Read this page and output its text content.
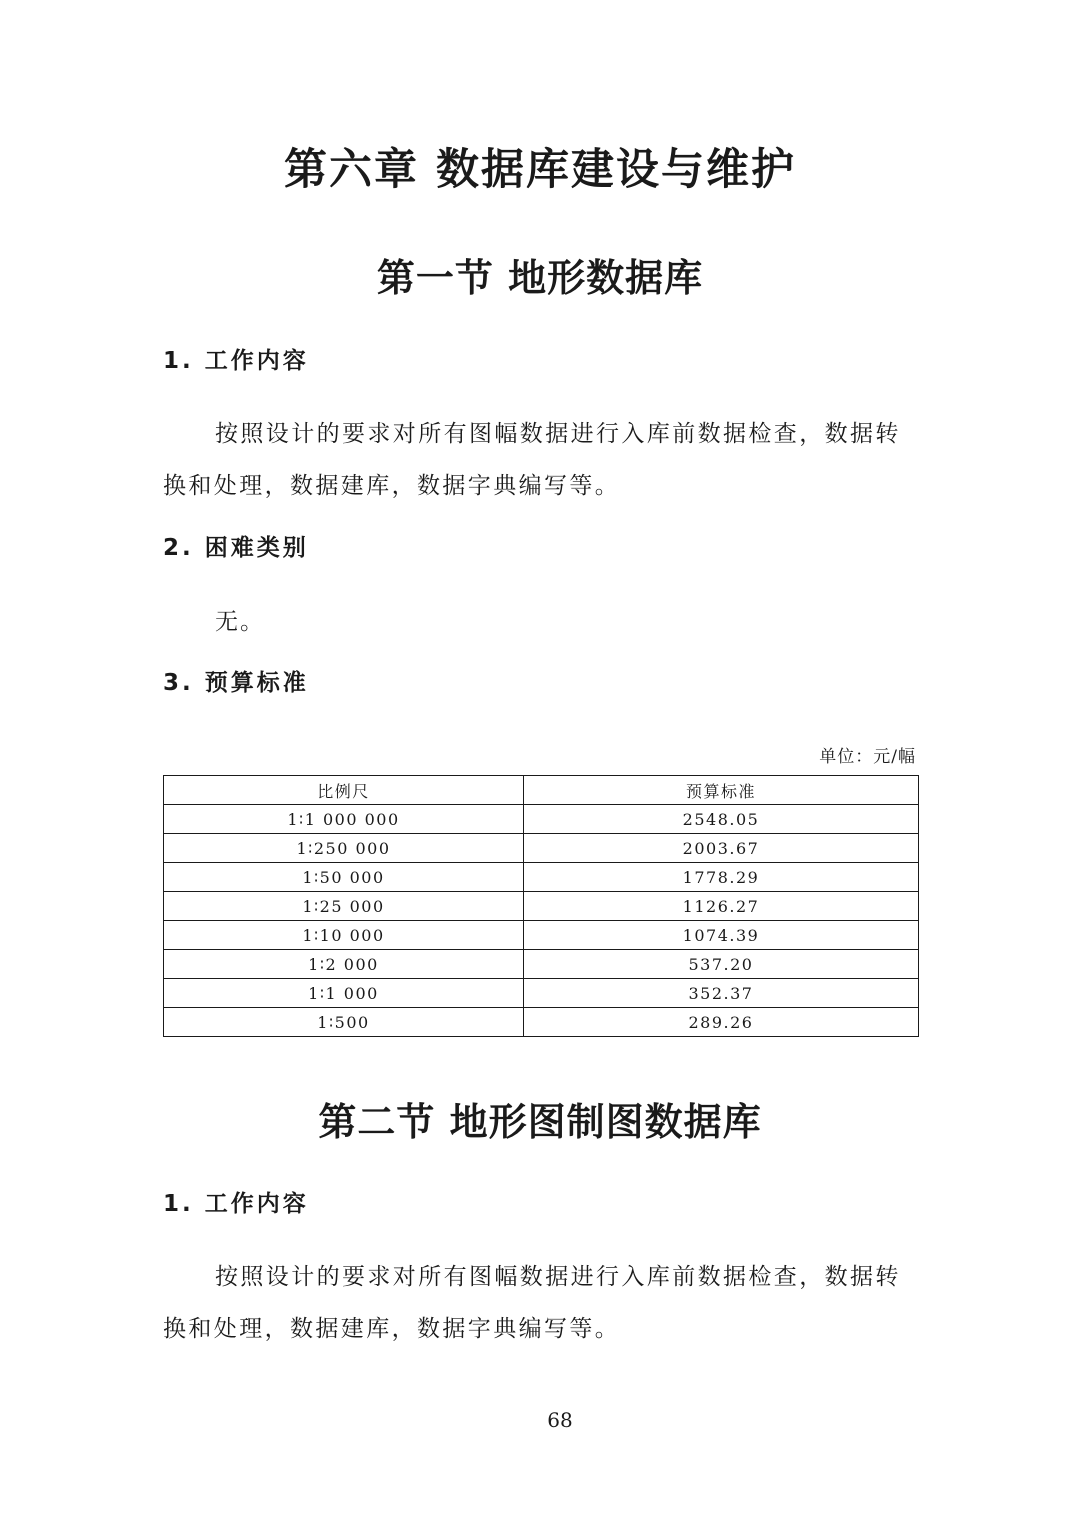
第六章 数据库建设与维护
第一节 地形数据库
1. 工作内容

按照设计的要求对所有图幅数据进行入库前数据检查，数据转换和处理，数据建库，数据字典编写等。

2. 困难类别
无。
3. 预算标准
单位：元/幅
比例尺	预算标准
1∶1 000 000	2548.05
1∶250 000	2003.67
1∶50 000	1778.29
1∶25 000	1126.27
1∶10 000	1074.39
1∶2 000	537.20
1∶1 000	352.37
1∶500	289.26
第二节 地形图制图数据库
1. 工作内容

按照设计的要求对所有图幅数据进行入库前数据检查，数据转换和处理，数据建库，数据字典编写等。

68
